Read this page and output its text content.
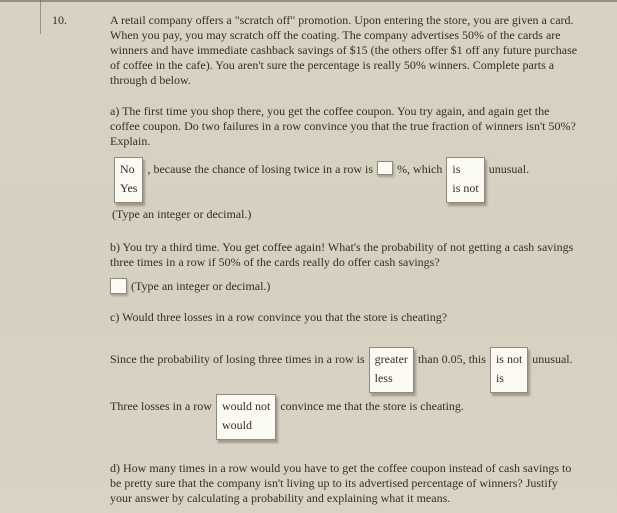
10.	A retail company offers a "scratch off" promotion. Upon entering the store, you are given a card. When you pay, you may scratch off the coating. The company advertises 50% of the cards are winners and have immediate cashback savings of $15 (the others offer $1 off any future purchase of coffee in the cafe). You aren't sure the percentage is really 50% winners. Complete parts a through d below.

a) The first time you shop there, you get the coffee coupon. You try again, and again get the coffee coupon. Do two failures in a row convince you that the true fraction of winners isn't 50%? Explain.

No
Yes
, because the chance of losing twice in a row is %, which is
is not
unusual.

(Type an integer or decimal.)

b) You try a third time. You get coffee again! What's the probability of not getting a cash savings three times in a row if 50% of the cards really do offer cash savings?

(Type an integer or decimal.)

c) Would three losses in a row convince you that the store is cheating?

Since the probability of losing three times in a row is greater
less
than 0.05, this is not
is
unusual.
Three losses in a row would not
would
convince me that the store is cheating.

d) How many times in a row would you have to get the coffee coupon instead of cash savings to be pretty sure that the company isn't living up to its advertised percentage of winners? Justify your answer by calculating a probability and explaining what it means.
